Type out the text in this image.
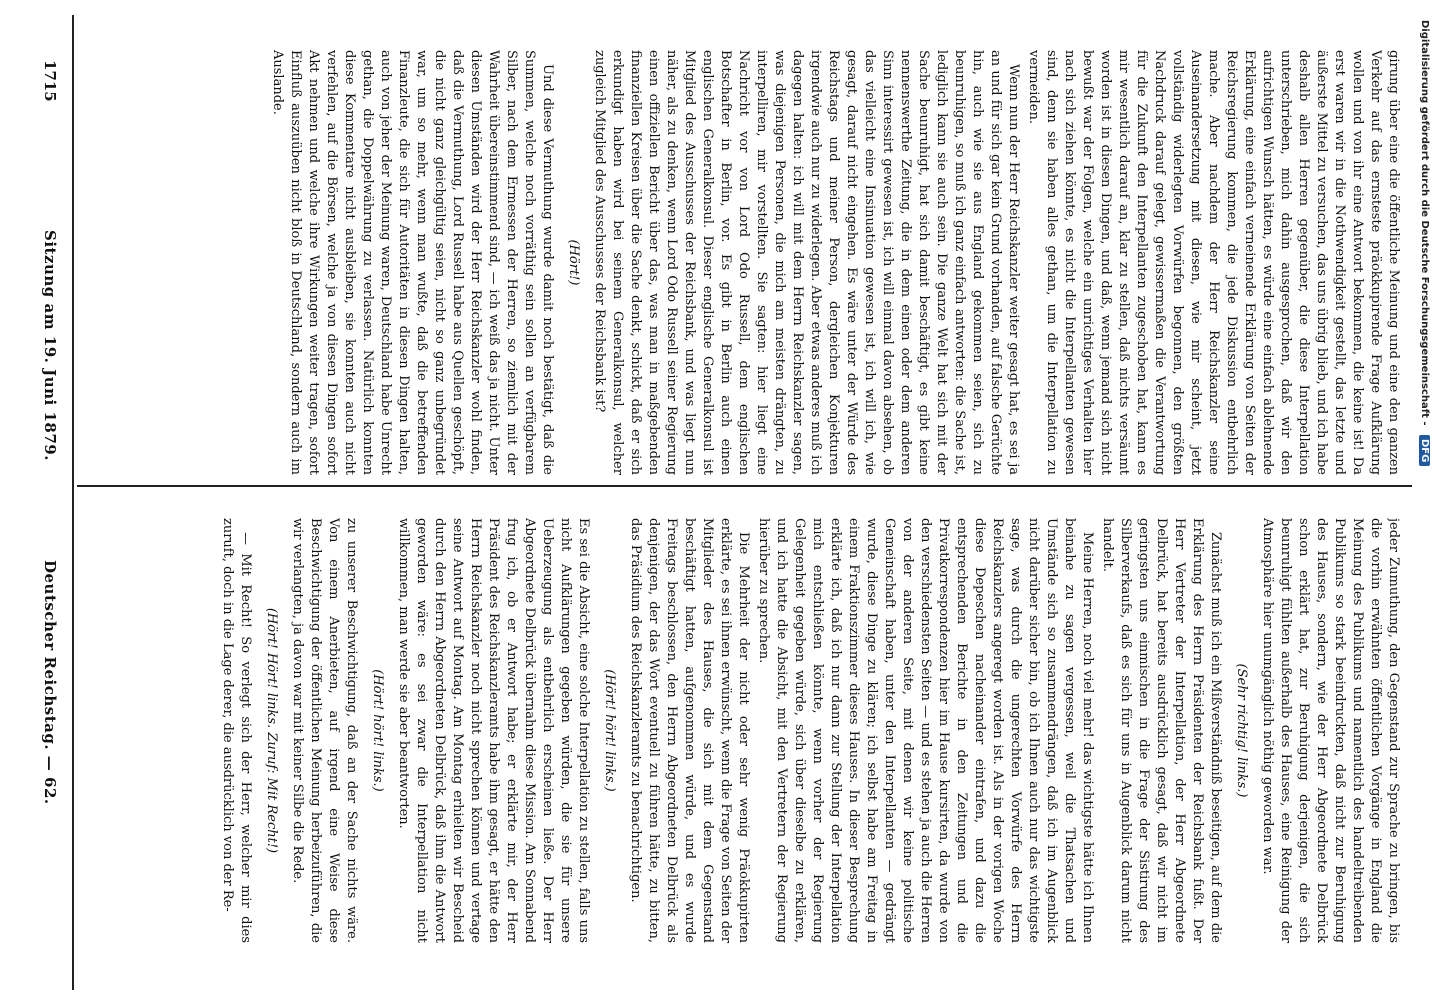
Digitalisierung gefördert durch die Deutsche Forschungsgemeinschaft - DFG

girung über eine die öffentliche Meinung und eine den ganzen Verkehr auf das ernsteste präokkupirende Frage Aufklärung wollen und von ihr eine Antwort bekommen, die keine ist! Da erst waren wir in die Nothwendigkeit gestellt, das letzte und äußerste Mittel zu versuchen, das uns übrig blieb, und ich habe deshalb allen Herren gegenüber, die diese Interpellation unterschrieben, mich dahin ausgesprochen, daß wir den aufrichtigen Wunsch hätten, es würde eine einfach ablehnende Erklärung, eine einfach verneinende Erklärung von Seiten der Reichsregierung kommen, die jede Diskussion entbehrlich mache. Aber nachdem der Herr Reichskanzler seine Auseinandersetzung mit diesen, wie mir scheint, jetzt vollständig widerlegten Vorwürfen begonnen, den größten Nachdruck darauf gelegt, gewissermaßen die Verantwortung für die Zukunft den Interpellanten zugeschoben hat, kann es mir wesentlich darauf an, klar zu stellen, daß nichts versäumt worden ist in diesen Dingen, und daß, wenn jemand sich nicht bewußt war der Folgen, welche ein unrichtiges Verhalten hier nach sich ziehen könnte, es nicht die Interpellanten gewesen sind, denn sie haben alles gethan, um die Interpellation zu vermeiden.

Wenn nun der Herr Reichskanzler weiter gesagt hat, es sei ja an und für sich gar kein Grund vorhanden, auf falsche Gerüchte hin, auch wie sie aus England gekommen seien, sich zu beunruhigen, so muß ich ganz einfach antworten: die Sache ist, lediglich kann sie auch sein. Die ganze Welt hat sich mit der Sache beunruhigt, hat sich damit beschäftigt, es gibt keine nennenswerthe Zeitung, die in dem einen oder dem anderen Sinn interessirt gewesen ist, ich will einmal davon absehen, ob das vielleicht eine Insinuation gewesen ist, ich will ich, wie gesagt, darauf nicht eingehen. Es wäre unter der Würde des Reichstags und meiner Person, dergleichen Konjekturen irgendwie auch nur zu widerlegen. Aber etwas anderes muß ich dagegen halten: ich will mit dem Herrn Reichskanzler sagen, was diejenigen Personen, die mich am meisten drängten, zu interpelliren, mir vorstellten. Sie sagten: hier liegt eine Nachricht vor von Lord Odo Russell, dem englischen Botschafter in Berlin, vor. Es gibt in Berlin auch einen englischen Generalkonsul. Dieser englische Generalkonsul ist Mitglied des Ausschusses der Reichsbank, und was liegt nun näher, als zu denken, wenn Lord Odo Russell seiner Regierung einen offiziellen Bericht über das, was man in maßgebenden finanziellen Kreisen über die Sache denkt, schickt, daß er sich erkundigt haben wird bei seinem Generalkonsul, welcher zugleich Mitglied des Ausschusses der Reichsbank ist?

(Hört!)

Und diese Vermuthung wurde damit noch bestätigt, daß die Summen, welche noch vorräthig sein sollen an verfügbarem Silber, nach dem Ermessen der Herren, so ziemlich mit der Wahrheit übereinstimmend sind, — ich weiß das ja nicht. Unter diesen Umständen wird der Herr Reichskanzler wohl finden, daß die Vermuthung, Lord Russell habe aus Quellen geschöpft, die nicht ganz gleichgültig seien, nicht so ganz unbegründet war, um so mehr, wenn man wußte, daß die betreffenden Finanzleute, die sich für Autoritäten in diesen Dingen halten, auch von jeher der Meinung waren, Deutschland habe Unrecht gethan, die Doppelwährung zu verlassen. Natürlich konnten diese Kommentare nicht ausbleiben, sie konnten auch nicht verfehlen, auf die Börsen, welche ja von diesen Dingen sofort Akt nehmen und welche ihre Wirkungen weiter tragen, sofort Einfluß auszuüben nicht bloß in Deutschland, sondern auch im Auslande.

jeder Zumuthung, den Gegenstand zur Sprache zu bringen, bis die vorhin erwähnten öffentlichen Vorgänge in England die Meinung des Publikums und namentlich des handeltreibenden Publikums so stark beeindruckten, daß nicht zur Beruhigung des Hauses, sondern, wie der Herr Abgeordnete Delbrück schon erklärt hat, zur Beruhigung derjenigen, die sich beunruhigt fühlten außerhalb des Hauses, eine Reinigung der Atmosphäre hier unumgänglich nöthig geworden war.

(Sehr richtig! links.)

Zunächst muß ich ein Mißverständniß beseitigen, auf dem die Erklärung des Herrn Präsidenten der Reichsbank fußt. Der Herr Vertreter der Interpellation, der Herr Abgeordnete Delbrück, hat bereits ausdrücklich gesagt, daß wir nicht im geringsten uns einmischen in die Frage der Sistirung des Silberverkaufs, daß es sich für uns in Augenblick darum nicht handelt.

Meine Herren, noch viel mehr! das wichtigste hätte ich Ihnen beinahe zu sagen vergessen, weil die Thatsachen und Umstände sich so zusammendrängen, daß ich im Augenblick nicht darüber sicher bin, ob ich Ihnen auch nur das wichtigste sage, was durch die ungerechten Vorwürfe des Herrn Reichskanzlers angeregt worden ist. Als in der vorigen Woche diese Depeschen nacheinander eintrafen, und dazu die entsprechenden Berichte in den Zeitungen und die Privatkorrespondenzen hier im Hause kursirten, da wurde von den verschiedensten Seiten — und es stehen ja auch die Herren von der anderen Seite, mit denen wir keine politische Gemeinschaft haben, unter den Interpellanten — gedrängt wurde, diese Dinge zu klären; ich selbst habe am Freitag in einem Fraktionszimmer dieses Hauses. In dieser Besprechung erklärte ich, daß ich nur dann zur Stellung der Interpellation mich entschließen könnte, wenn vorher der Regierung Gelegenheit gegeben würde, sich über dieselbe zu erklären, und ich hatte die Absicht, mit den Vertretern der Regierung hierüber zu sprechen.

Die Mehrheit der nicht oder sehr wenig Präokkupirten erklärte, es sei ihnen erwünscht, wenn die Frage von Seiten der Mitglieder des Hauses, die sich mit dem Gegenstand beschäftigt hatten, aufgenommen würde, und es wurde Freitags beschlossen, den Herrn Abgeordneten Delbrück als denjenigen, der das Wort eventuell zu führen hätte, zu bitten, das Präsidium des Reichskanzleramts zu benachrichtigen.

(Hört! hört! links.)

Es sei die Absicht, eine solche Interpellation zu stellen, falls uns nicht Aufklärungen gegeben würden, die sie für unsere Ueberzeugung als entbehrlich erscheinen ließe. Der Herr Abgeordnete Delbrück übernahm diese Mission. Am Sonnabend frug ich, ob er Antwort habe; er erklärte mir, der Herr Präsident des Reichskanzleramts habe ihm gesagt, er hätte den Herrn Reichskanzler noch nicht sprechen können und vertage seine Antwort auf Montag. Am Montag erhielten wir Bescheid durch den Herrn Abgeordneten Delbrück, daß ihm die Antwort geworden wäre: es sei zwar die Interpellation nicht willkommen, man werde sie aber beantworten.

(Hört! hört! links.)

zu unserer Beschwichtigung, daß an der Sache nichts wäre. Von einem Anerbieten, auf irgend eine Weise diese Beschwichtigung der öffentlichen Meinung herbeizuführen, die wir verlangten, ja davon war mit keiner Silbe die Rede.

(Hört! Hört! links. Zuruf: Mit Recht!)

— Mit Recht! So verlegt sich der Herr, welcher mir dies zuruft, doch in die Lage derer, die ausdrücklich von der Re-

1715
Sitzung am 19. Juni 1879.
Deutscher Reichstag. — 62.
